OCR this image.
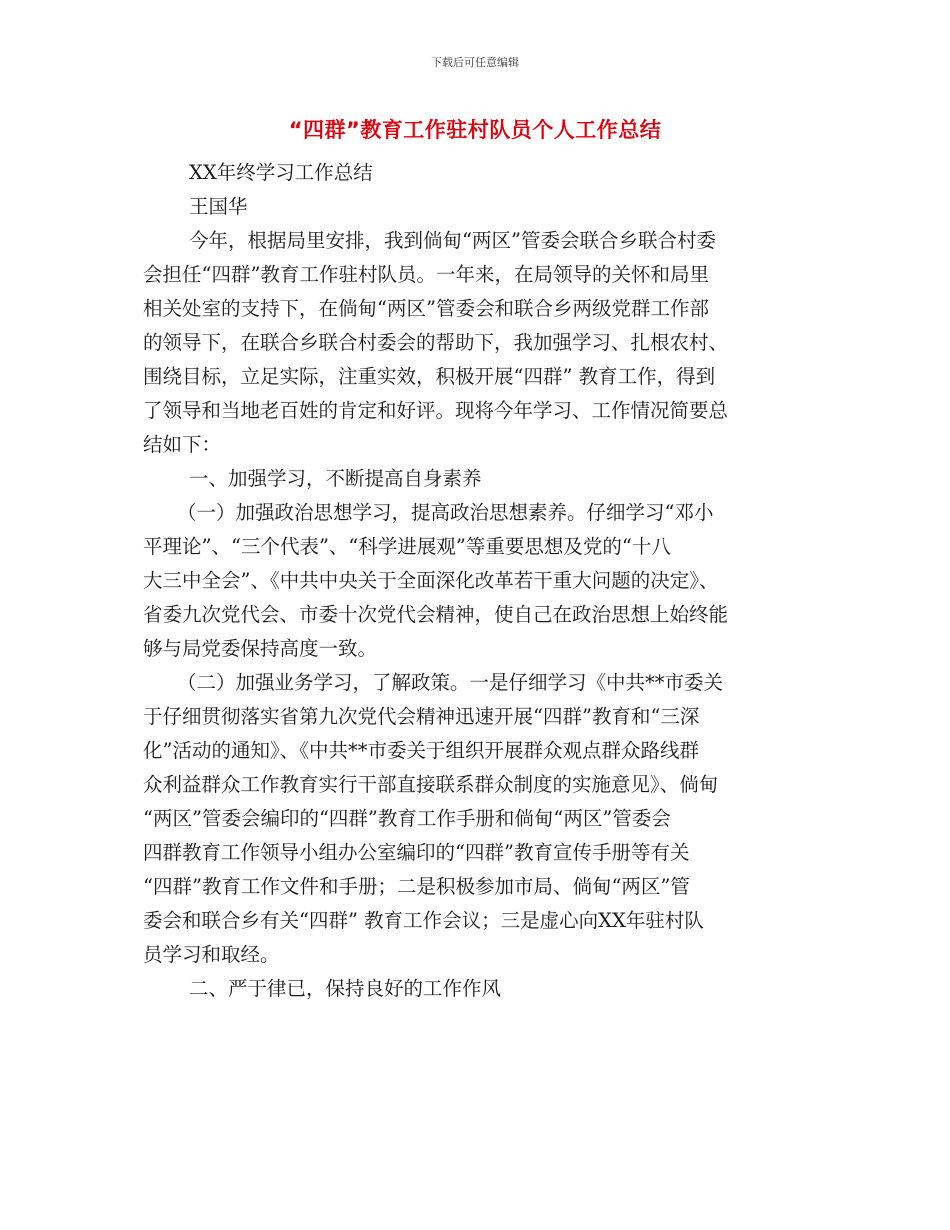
下载后可任意编辑
“四群”教育工作驻村队员个人工作总结
XX年终学习工作总结
王国华
今年，根据局里安排，我到倘甸“两区”管委会联合乡联合村委
会担任“四群”教育工作驻村队员。一年来，在局领导的关怀和局里
相关处室的支持下，在倘甸“两区”管委会和联合乡两级党群工作部
的领导下，在联合乡联合村委会的帮助下，我加强学习、扎根农村、
围绕目标，立足实际，注重实效，积极开展“四群” 教育工作，得到
了领导和当地老百姓的肯定和好评。现将今年学习、工作情况简要总
结如下：
一、加强学习，不断提高自身素养
（一）加强政治思想学习，提高政治思想素养。仔细学习“邓小
平理论”、“三个代表”、“科学进展观”等重要思想及党的“十八
大三中全会”、《中共中央关于全面深化改革若干重大问题的决定》、
省委九次党代会、市委十次党代会精神，使自己在政治思想上始终能
够与局党委保持高度一致。
（二）加强业务学习，了解政策。一是仔细学习《中共**市委关
于仔细贯彻落实省第九次党代会精神迅速开展“四群”教育和“三深
化”活动的通知》、《中共**市委关于组织开展群众观点群众路线群
众利益群众工作教育实行干部直接联系群众制度的实施意见》、倘甸
“两区”管委会编印的“四群”教育工作手册和倘甸“两区”管委会
四群教育工作领导小组办公室编印的“四群”教育宣传手册等有关
“四群”教育工作文件和手册；二是积极参加市局、倘甸“两区”管
委会和联合乡有关“四群” 教育工作会议；三是虚心向XX年驻村队
员学习和取经。
二、严于律已，保持良好的工作作风
